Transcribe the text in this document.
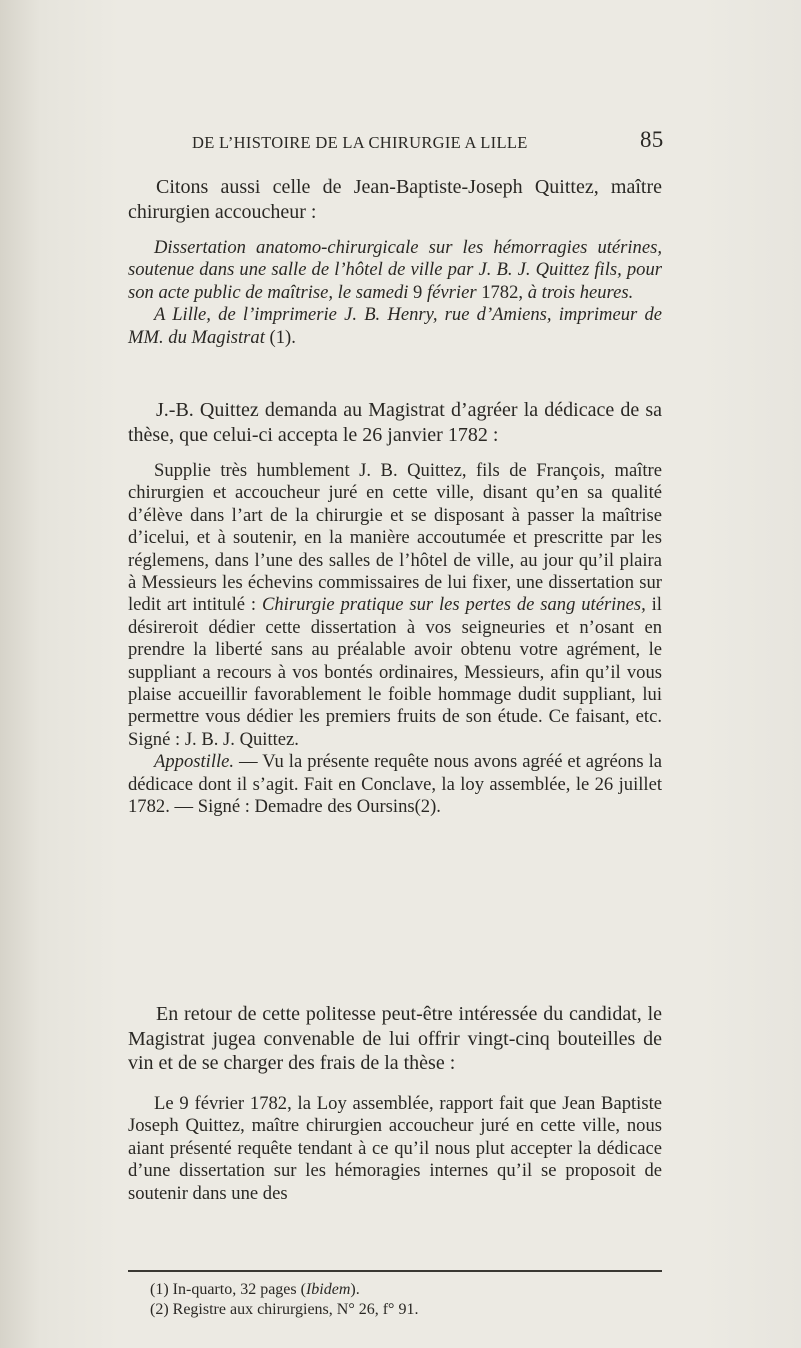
DE L’HISTOIRE DE LA CHIRURGIE A LILLE	85

Citons aussi celle de Jean-Baptiste-Joseph Quittez, maître chirurgien accoucheur :

Dissertation anatomo-chirurgicale sur les hémorragies utérines, soutenue dans une salle de l’hôtel de ville par J. B. J. Quittez fils, pour son acte public de maîtrise, le samedi 9 février 1782, à trois heures.

A Lille, de l’imprimerie J. B. Henry, rue d’Amiens, imprimeur de MM. du Magistrat (1).

J.-B. Quittez demanda au Magistrat d’agréer la dédicace de sa thèse, que celui-ci accepta le 26 janvier 1782 :

Supplie très humblement J. B. Quittez, fils de François, maître chirurgien et accoucheur juré en cette ville, disant qu’en sa qualité d’élève dans l’art de la chirurgie et se disposant à passer la maîtrise d’icelui, et à soutenir, en la manière accoutumée et prescritte par les réglemens, dans l’une des salles de l’hôtel de ville, au jour qu’il plaira à Messieurs les échevins commissaires de lui fixer, une dissertation sur ledit art intitulé : Chirurgie pratique sur les pertes de sang utérines, il désireroit dédier cette dissertation à vos seigneuries et n’osant en prendre la liberté sans au préalable avoir obtenu votre agrément, le suppliant a recours à vos bontés ordinaires, Messieurs, afin qu’il vous plaise accueillir favorablement le foible hommage dudit suppliant, lui permettre vous dédier les premiers fruits de son étude. Ce faisant, etc. Signé : J. B. J. Quittez.

Appostille. — Vu la présente requête nous avons agréé et agréons la dédicace dont il s’agit. Fait en Conclave, la loy assemblée, le 26 juillet 1782. — Signé : Demadre des Oursins(2).

En retour de cette politesse peut-être intéressée du candidat, le Magistrat jugea convenable de lui offrir vingt-cinq bouteilles de vin et de se charger des frais de la thèse :

Le 9 février 1782, la Loy assemblée, rapport fait que Jean Baptiste Joseph Quittez, maître chirurgien accoucheur juré en cette ville, nous aiant présenté requête tendant à ce qu’il nous plut accepter la dédicace d’une dissertation sur les hémoragies internes qu’il se proposoit de soutenir dans une des

(1) In-quarto, 32 pages (Ibidem).
(2) Registre aux chirurgiens, N° 26, f° 91.
